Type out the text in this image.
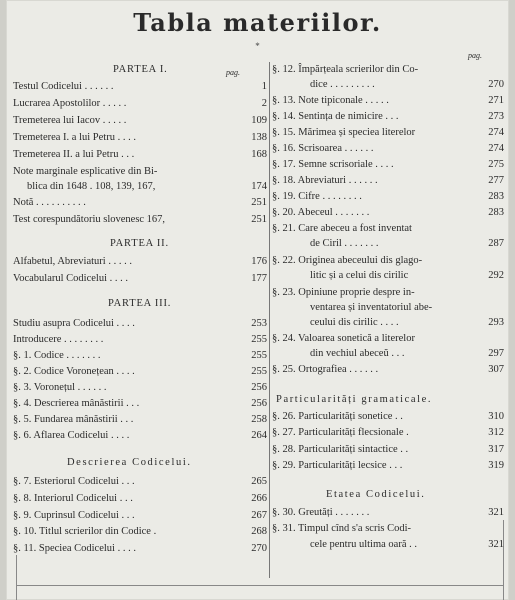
Tabla materiilor.
*
PARTEA I.	pag.
Testul Codicelui . . . . . .	1
Lucrarea Apostolilor . . . . .	2
Tremeterea lui Iacov . . . . .	109
Tremeterea I. a lui Petru . . . .	138
Tremeterea II. a lui Petru . . .	168
Note marginale esplicative din Bi-
blica din 1648 . 108, 139, 167,	174
Notă . . . . . . . . . .	251
Test corespundătoriu slovenesc 167,	251
PARTEA II.
Alfabetul, Abreviaturi . . . . .	176
Vocabularul Codicelui . . . .	177
PARTEA III.
Studiu asupra Codicelui . . . .	253
Introducere . . . . . . . .	255
§. 1. Codice . . . . . . .	255
§. 2. Codice Voronețean . . . .	255
§. 3. Voronețul . . . . . .	256
§. 4. Descrierea mânăstirii . . .	256
§. 5. Fundarea mânăstirii . . .	258
§. 6. Aflarea Codicelui . . . .	264
Descrierea Codicelui.
§. 7. Esteriorul Codicelui . . .	265
§. 8. Interiorul Codicelui . . .	266
§. 9. Cuprinsul Codicelui . . .	267
§. 10. Titlul scrierilor din Codice .	268
§. 11. Speciea Codicelui . . . .	270
pag.
§. 12. Împărțeala scrierilor din Co-
dice . . . . . . . . .	270
§. 13. Note tipiconale . . . . .	271
§. 14. Sentința de nimicire . . .	273
§. 15. Mărimea și speciea literelor	274
§. 16. Scrisoarea . . . . . .	274
§. 17. Semne scrisoriale . . . .	275
§. 18. Abreviaturi . . . . . .	277
§. 19. Cifre . . . . . . . .	283
§. 20. Abeceul . . . . . . .	283
§. 21. Care abeceu a fost inventat
de Ciril . . . . . . .	287
§. 22. Originea abeceului dis glago-
litic și a celui dis cirilic	292
§. 23. Opiniune proprie despre in-
ventarea și inventatoriul abe-
ceului dis cirilic . . . .	293
§. 24. Valoarea sonetică a literelor
din vechiul abeceŭ . . .	297
§. 25. Ortografiea . . . . . .	307
Particularități gramaticale.
§. 26. Particularități sonetice . .	310
§. 27. Particularități flecsionale .	312
§. 28. Particularități sintactice . .	317
§. 29. Particularități lecsice . . .	319
Etatea Codicelui.
§. 30. Greutăți . . . . . . .	321
§. 31. Timpul cînd s'a scris Codi-
cele pentru ultima oară . .	321
